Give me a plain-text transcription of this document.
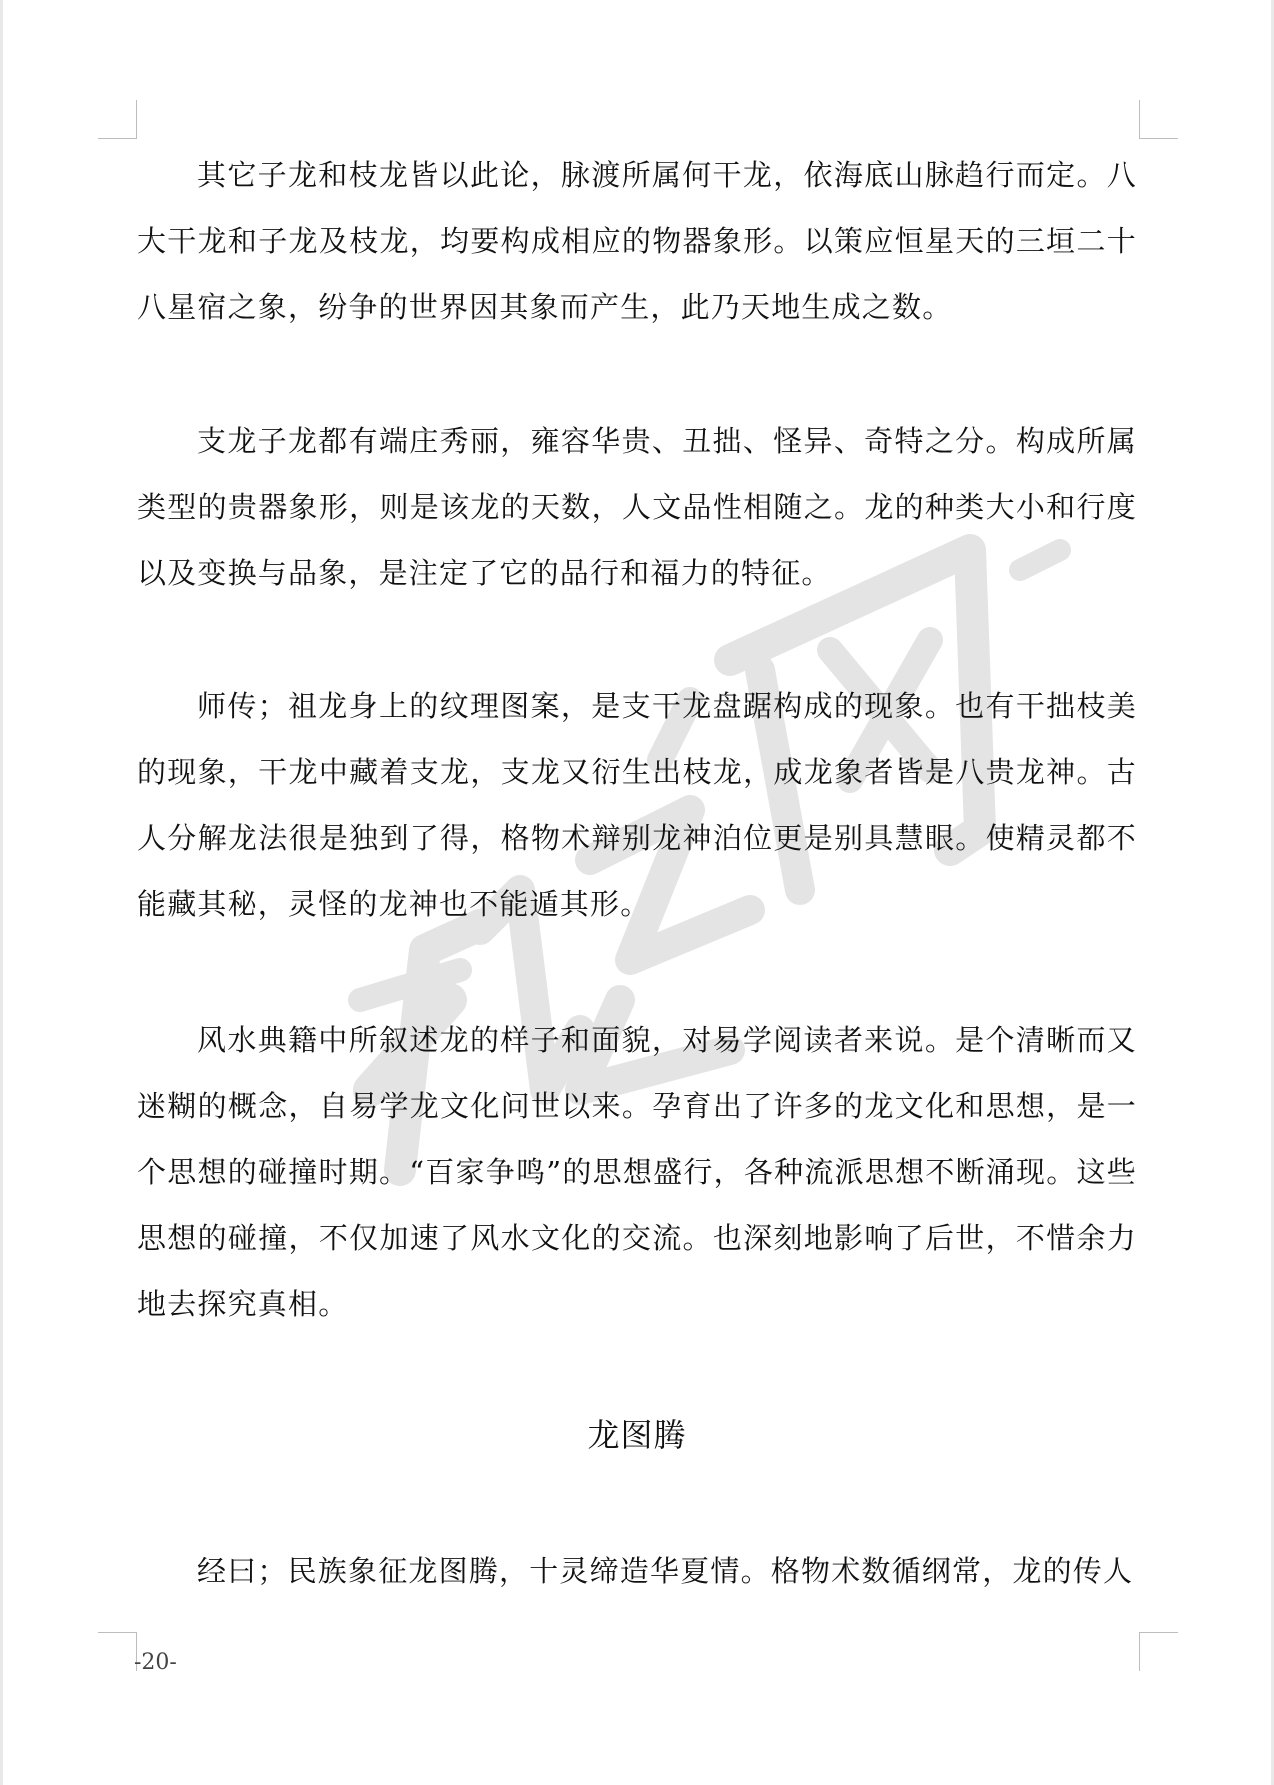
其它子龙和枝龙皆以此论，脉渡所属何干龙，依海底山脉趋行而定。八大干龙和子龙及枝龙，均要构成相应的物器象形。以策应恒星天的三垣二十八星宿之象，纷争的世界因其象而产生，此乃天地生成之数。

支龙子龙都有端庄秀丽，雍容华贵、丑拙、怪异、奇特之分。构成所属类型的贵器象形，则是该龙的天数，人文品性相随之。龙的种类大小和行度以及变换与品象，是注定了它的品行和福力的特征。

师传；祖龙身上的纹理图案，是支干龙盘踞构成的现象。也有干拙枝美的现象，干龙中藏着支龙，支龙又衍生出枝龙，成龙象者皆是八贵龙神。古人分解龙法很是独到了得，格物术辩别龙神泊位更是别具慧眼。使精灵都不能藏其秘，灵怪的龙神也不能遁其形。

风水典籍中所叙述龙的样子和面貌，对易学阅读者来说。是个清晰而又迷糊的概念，自易学龙文化问世以来。孕育出了许多的龙文化和思想，是一个思想的碰撞时期。“百家争鸣”的思想盛行，各种流派思想不断涌现。这些思想的碰撞，不仅加速了风水文化的交流。也深刻地影响了后世，不惜余力地去探究真相。

龙图腾

经曰；民族象征龙图腾，十灵缔造华夏情。格物术数循纲常，龙的传人

-20-
